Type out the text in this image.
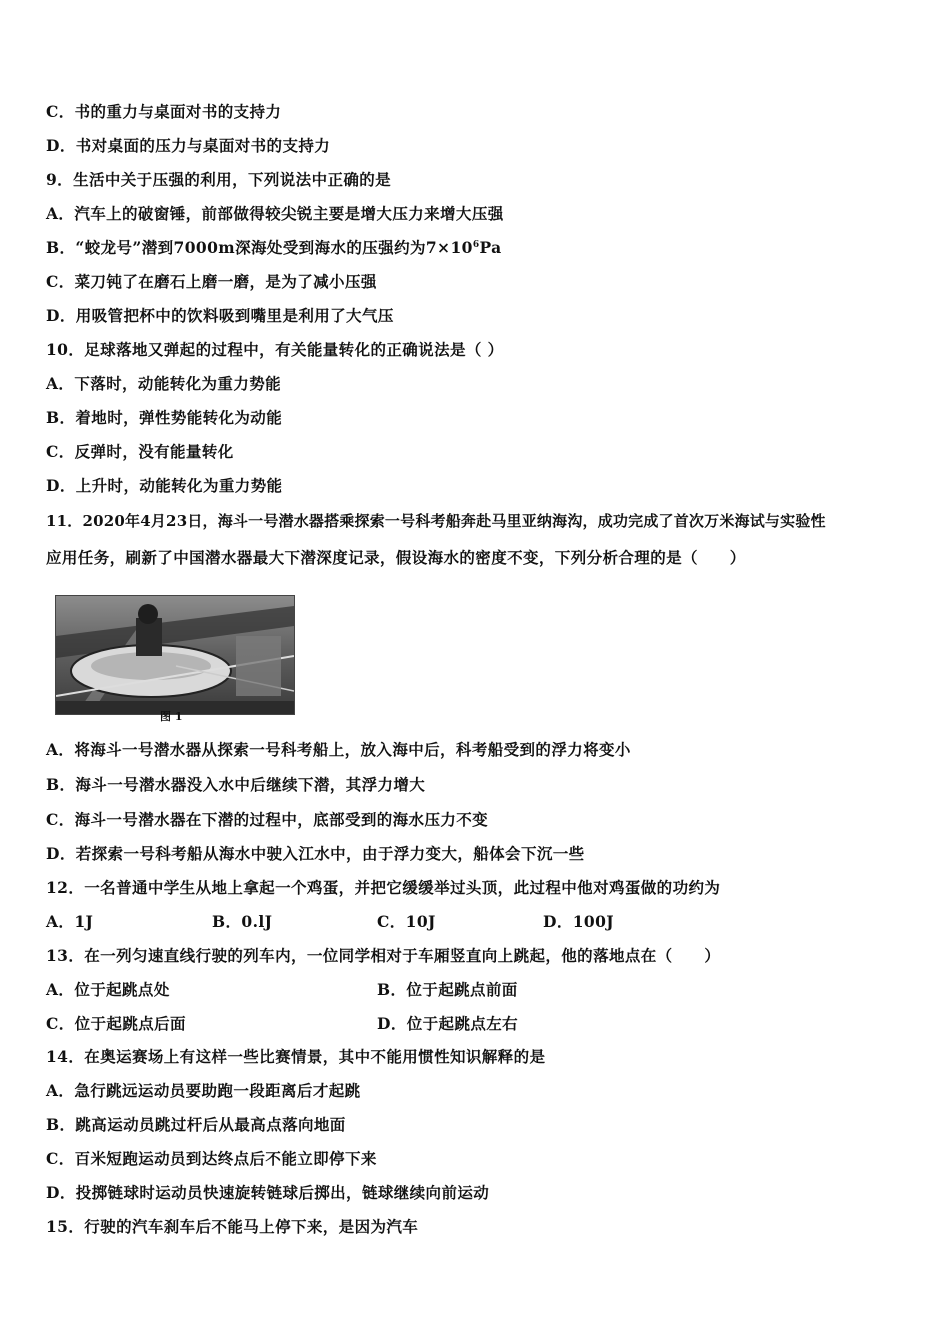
C．书的重力与桌面对书的支持力
D．书对桌面的压力与桌面对书的支持力
9．生活中关于压强的利用，下列说法中正确的是
A．汽车上的破窗锤，前部做得较尖锐主要是增大压力来增大压强
B．“蛟龙号”潜到7000m深海处受到海水的压强约为$7\times 10^6Pa$
C．菜刀钝了在磨石上磨一磨，是为了减小压强
D．用吸管把杯中的饮料吸到嘴里是利用了大气压
10．足球落地又弹起的过程中，有关能量转化的正确说法是（ ）
A．下落时，动能转化为重力势能
B．着地时，弹性势能转化为动能
C．反弹时，没有能量转化
D．上升时，动能转化为重力势能
11．2020年4月23日，海斗一号潜水器搭乘探索一号科考船奔赴马里亚纳海沟，成功完成了首次万米海试与实验性
应用任务，刷新了中国潜水器最大下潜深度记录，假设海水的密度不变，下列分析合理的是（　　）
图 1
A．将海斗一号潜水器从探索一号科考船上，放入海中后，科考船受到的浮力将变小
B．海斗一号潜水器没入水中后继续下潜，其浮力增大
C．海斗一号潜水器在下潜的过程中，底部受到的海水压力不变
D．若探索一号科考船从海水中驶入江水中，由于浮力变大，船体会下沉一些
12．一名普通中学生从地上拿起一个鸡蛋，并把它缓缓举过头顶，此过程中他对鸡蛋做的功约为
A．1J	B．0.lJ	C．10J	D．100J
13．在一列匀速直线行驶的列车内，一位同学相对于车厢竖直向上跳起，他的落地点在（　　）
A．位于起跳点处	B．位于起跳点前面
C．位于起跳点后面	D．位于起跳点左右
14．在奥运赛场上有这样一些比赛情景，其中不能用惯性知识解释的是
A．急行跳远运动员要助跑一段距离后才起跳
B．跳高运动员跳过杆后从最高点落向地面
C．百米短跑运动员到达终点后不能立即停下来
D．投掷链球时运动员快速旋转链球后掷出，链球继续向前运动
15．行驶的汽车刹车后不能马上停下来，是因为汽车
